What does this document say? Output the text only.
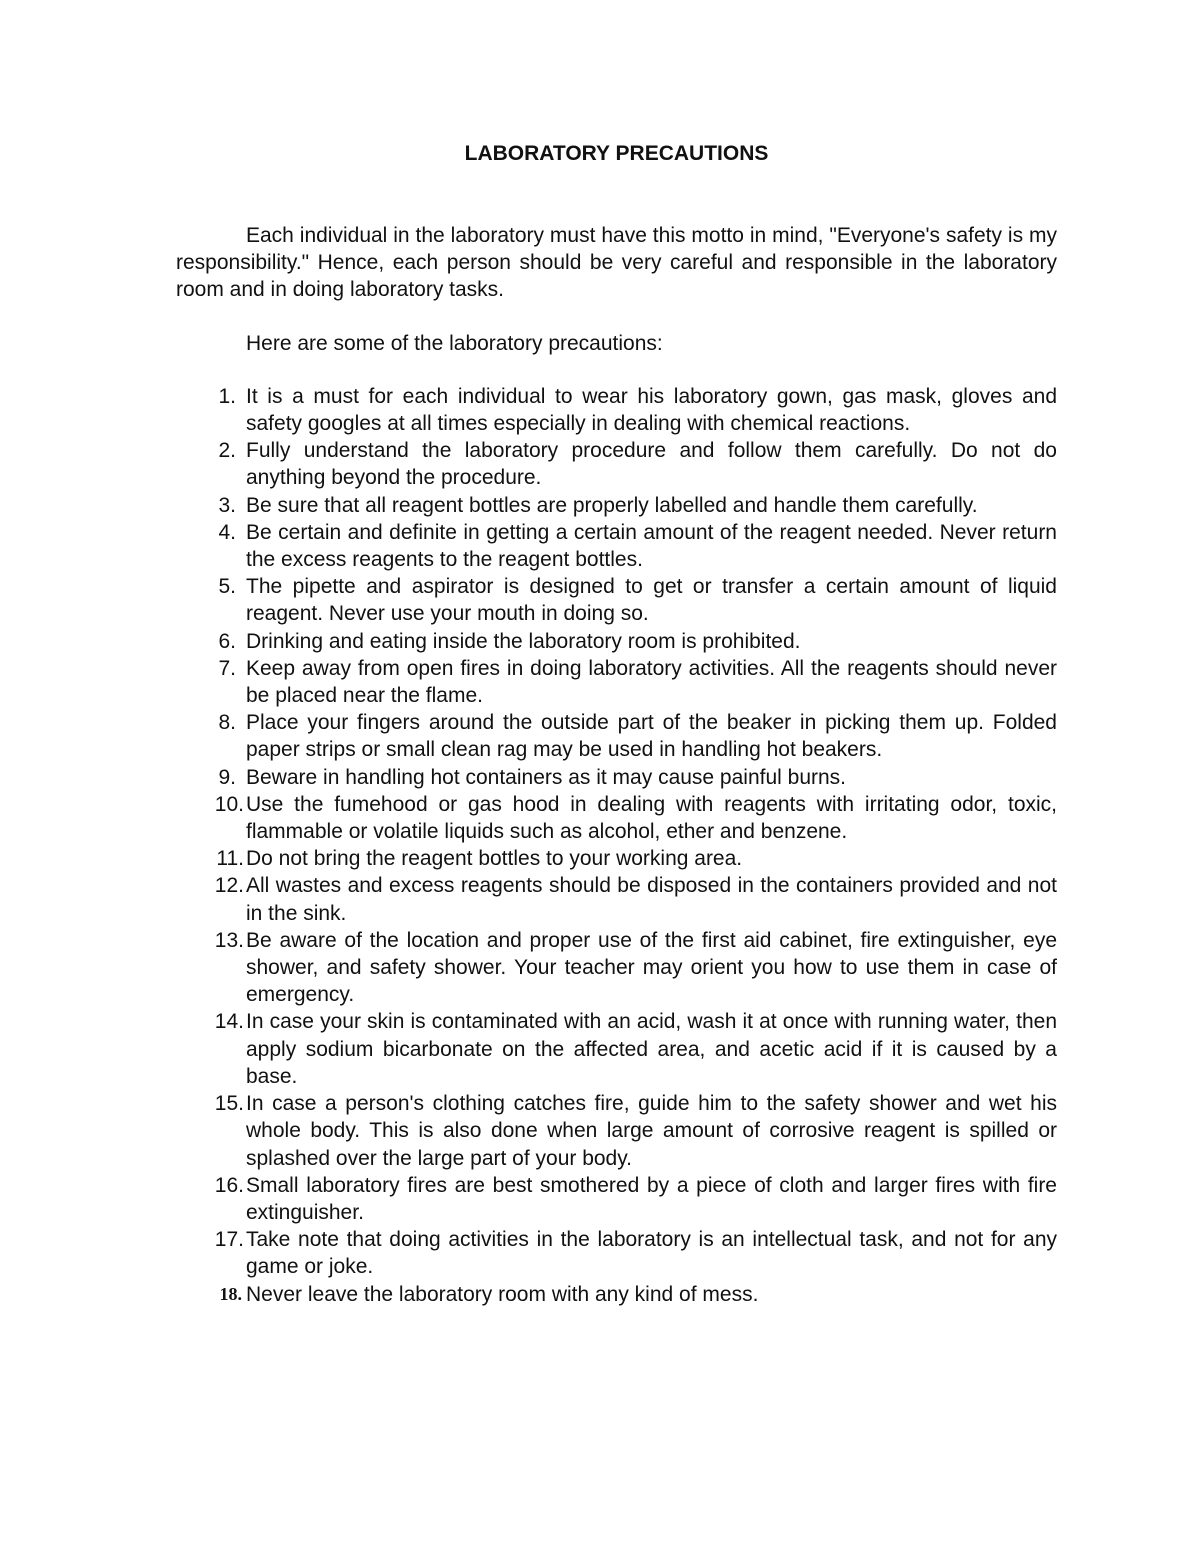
LABORATORY PRECAUTIONS

Each individual in the laboratory must have this motto in mind, "Everyone's safety is my responsibility." Hence, each person should be very careful and responsible in the laboratory room and in doing laboratory tasks.

Here are some of the laboratory precautions:

1. It is a must for each individual to wear his laboratory gown, gas mask, gloves and safety googles at all times especially in dealing with chemical reactions.
2. Fully understand the laboratory procedure and follow them carefully. Do not do anything beyond the procedure.
3. Be sure that all reagent bottles are properly labelled and handle them carefully.
4. Be certain and definite in getting a certain amount of the reagent needed. Never return the excess reagents to the reagent bottles.
5. The pipette and aspirator is designed to get or transfer a certain amount of liquid reagent. Never use your mouth in doing so.
6. Drinking and eating inside the laboratory room is prohibited.
7. Keep away from open fires in doing laboratory activities. All the reagents should never be placed near the flame.
8. Place your fingers around the outside part of the beaker in picking them up. Folded paper strips or small clean rag may be used in handling hot beakers.
9. Beware in handling hot containers as it may cause painful burns.
10. Use the fumehood or gas hood in dealing with reagents with irritating odor, toxic, flammable or volatile liquids such as alcohol, ether and benzene.
11. Do not bring the reagent bottles to your working area.
12. All wastes and excess reagents should be disposed in the containers provided and not in the sink.
13. Be aware of the location and proper use of the first aid cabinet, fire extinguisher, eye shower, and safety shower. Your teacher may orient you how to use them in case of emergency.
14. In case your skin is contaminated with an acid, wash it at once with running water, then apply sodium bicarbonate on the affected area, and acetic acid if it is caused by a base.
15. In case a person's clothing catches fire, guide him to the safety shower and wet his whole body. This is also done when large amount of corrosive reagent is spilled or splashed over the large part of your body.
16. Small laboratory fires are best smothered by a piece of cloth and larger fires with fire extinguisher.
17. Take note that doing activities in the laboratory is an intellectual task, and not for any game or joke.
18. Never leave the laboratory room with any kind of mess.
